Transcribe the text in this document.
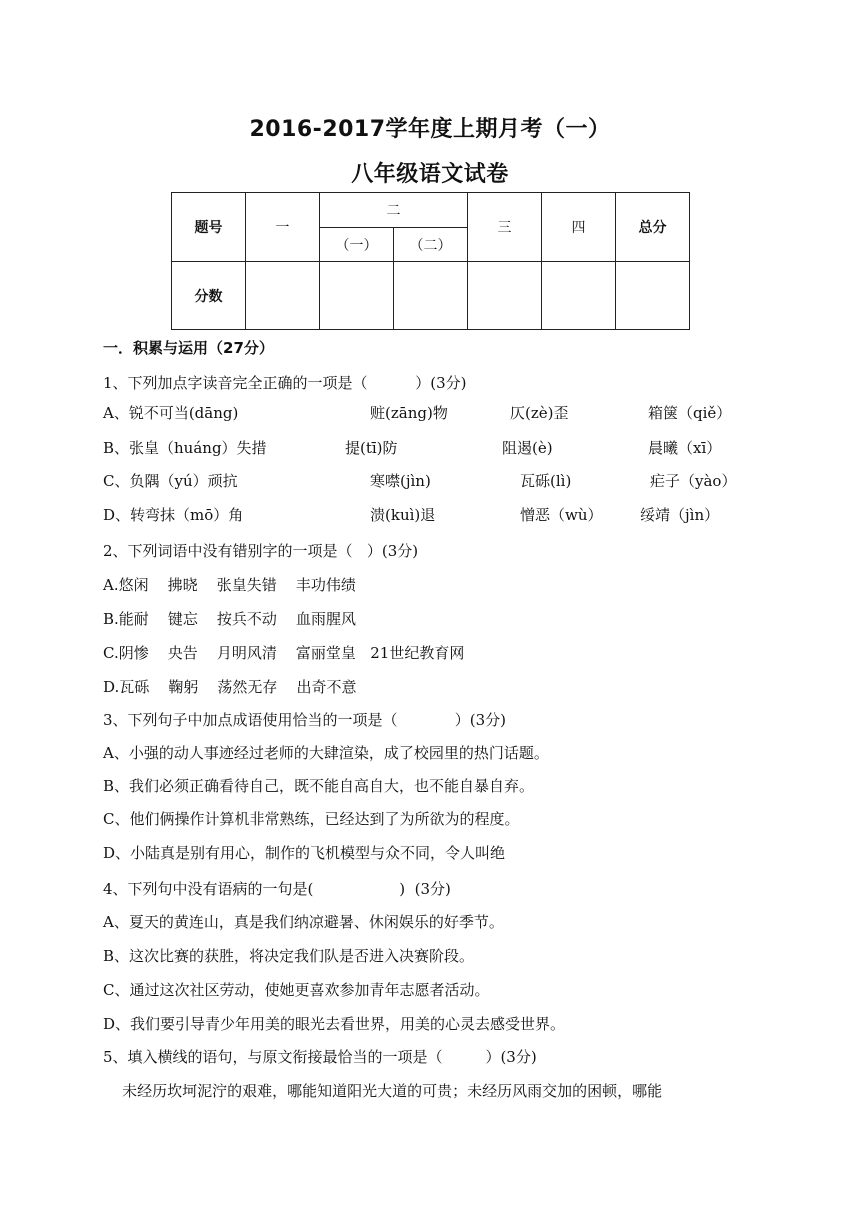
2016-2017学年度上期月考（一）
八年级语文试卷
题号	一	二		三	四	总分
		（一）	（二）			
分数						
一．积累与运用（27分）
1、下列加点字读音完全正确的一项是（          ）(3分)
A、锐不可当(dāng)	赃(zāng)物	仄(zè)歪	箱箧（qiě）
B、张皇（huáng）失措	提(tī)防	阻遏(è)	晨曦（xī）
C、负隅（yú）顽抗	寒噤(jìn)	瓦砾(lì)	疟子（yào）
D、转弯抹（mō）角	溃(kuì)退	憎恶（wù） 绥靖（jìn）
2、下列词语中没有错别字的一项是（   ）(3分)
A.悠闲    拂晓    张皇失错    丰功伟绩
B.能耐    键忘    按兵不动    血雨腥风
C.阴惨    央告    月明风清    富丽堂皇   21世纪教育网
D.瓦砾    鞠躬    荡然无存    出奇不意
3、下列句子中加点成语使用恰当的一项是（            ）(3分)
A、小强的动人事迹经过老师的大肆渲染，成了校园里的热门话题。
B、我们必须正确看待自己，既不能自高自大，也不能自暴自弃。
C、他们俩操作计算机非常熟练，已经达到了为所欲为的程度。
D、小陆真是别有用心，制作的飞机模型与众不同，令人叫绝
4、下列句中没有语病的一句是(                  )  (3分)
A、夏天的黄连山，真是我们纳凉避暑、休闲娱乐的好季节。
B、这次比赛的获胜，将决定我们队是否进入决赛阶段。
C、通过这次社区劳动，使她更喜欢参加青年志愿者活动。
D、我们要引导青少年用美的眼光去看世界，用美的心灵去感受世界。
5、填入横线的语句，与原文衔接最恰当的一项是（         ）(3分)
未经历坎坷泥泞的艰难，哪能知道阳光大道的可贵；未经历风雨交加的困顿，哪能
